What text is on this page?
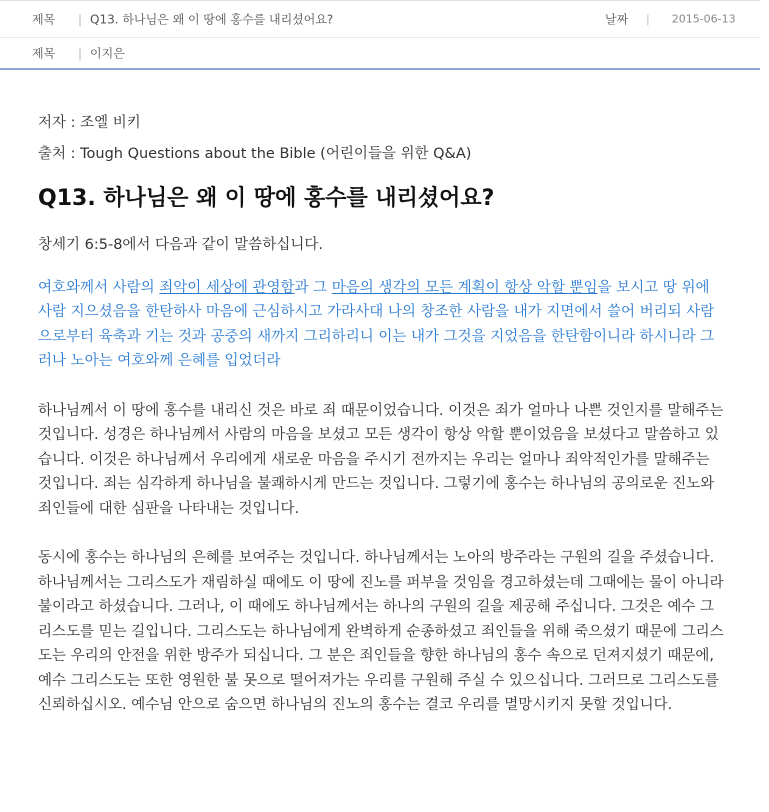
제목	| Q13. 하나님은 왜 이 땅에 홍수를 내리셨어요?	날짜	| 2015-06-13
제목	| 이지은
저자 : 조엘 비키
출처 : Tough Questions about the Bible (어린이들을 위한 Q&A)
Q13. 하나님은 왜 이 땅에 홍수를 내리셨어요?
창세기 6:5-8에서 다음과 같이 말씀하십니다.
여호와께서 사람의 죄악이 세상에 관영함과 그 마음의 생각의 모든 계획이 항상 악할 뿐임을 보시고 땅 위에 사람 지으셨음을 한탄하사 마음에 근심하시고 가라사대 나의 창조한 사람을 내가 지면에서 쓸어 버리되 사람으로부터 육축과 기는 것과 공중의 새까지 그리하리니 이는 내가 그것을 지었음을 한탄함이니라 하시니라 그러나 노아는 여호와께 은혜를 입었더라

하나님께서 이 땅에 홍수를 내리신 것은 바로 죄 때문이었습니다. 이것은 죄가 얼마나 나쁜 것인지를 말해주는 것입니다. 성경은 하나님께서 사람의 마음을 보셨고 모든 생각이 항상 악할 뿐이었음을 보셨다고 말씀하고 있습니다. 이것은 하나님께서 우리에게 새로운 마음을 주시기 전까지는 우리는 얼마나 죄악적인가를 말해주는 것입니다. 죄는 심각하게 하나님을 불쾌하시게 만드는 것입니다. 그렇기에 홍수는 하나님의 공의로운 진노와 죄인들에 대한 심판을 나타내는 것입니다.

동시에 홍수는 하나님의 은혜를 보여주는 것입니다. 하나님께서는 노아의 방주라는 구원의 길을 주셨습니다. 하나님께서는 그리스도가 재림하실 때에도 이 땅에 진노를 퍼부을 것임을 경고하셨는데 그때에는 물이 아니라 불이라고 하셨습니다. 그러나, 이 때에도 하나님께서는 하나의 구원의 길을 제공해 주십니다. 그것은 예수 그리스도를 믿는 길입니다. 그리스도는 하나님에게 완벽하게 순종하셨고 죄인들을 위해 죽으셨기 때문에 그리스도는 우리의 안전을 위한 방주가 되십니다. 그 분은 죄인들을 향한 하나님의 홍수 속으로 던져지셨기 때문에, 예수 그리스도는 또한 영원한 불 못으로 떨어져가는 우리를 구원해 주실 수 있으십니다. 그러므로 그리스도를 신뢰하십시오. 예수님 안으로 숨으면 하나님의 진노의 홍수는 결코 우리를 멸망시키지 못할 것입니다.
